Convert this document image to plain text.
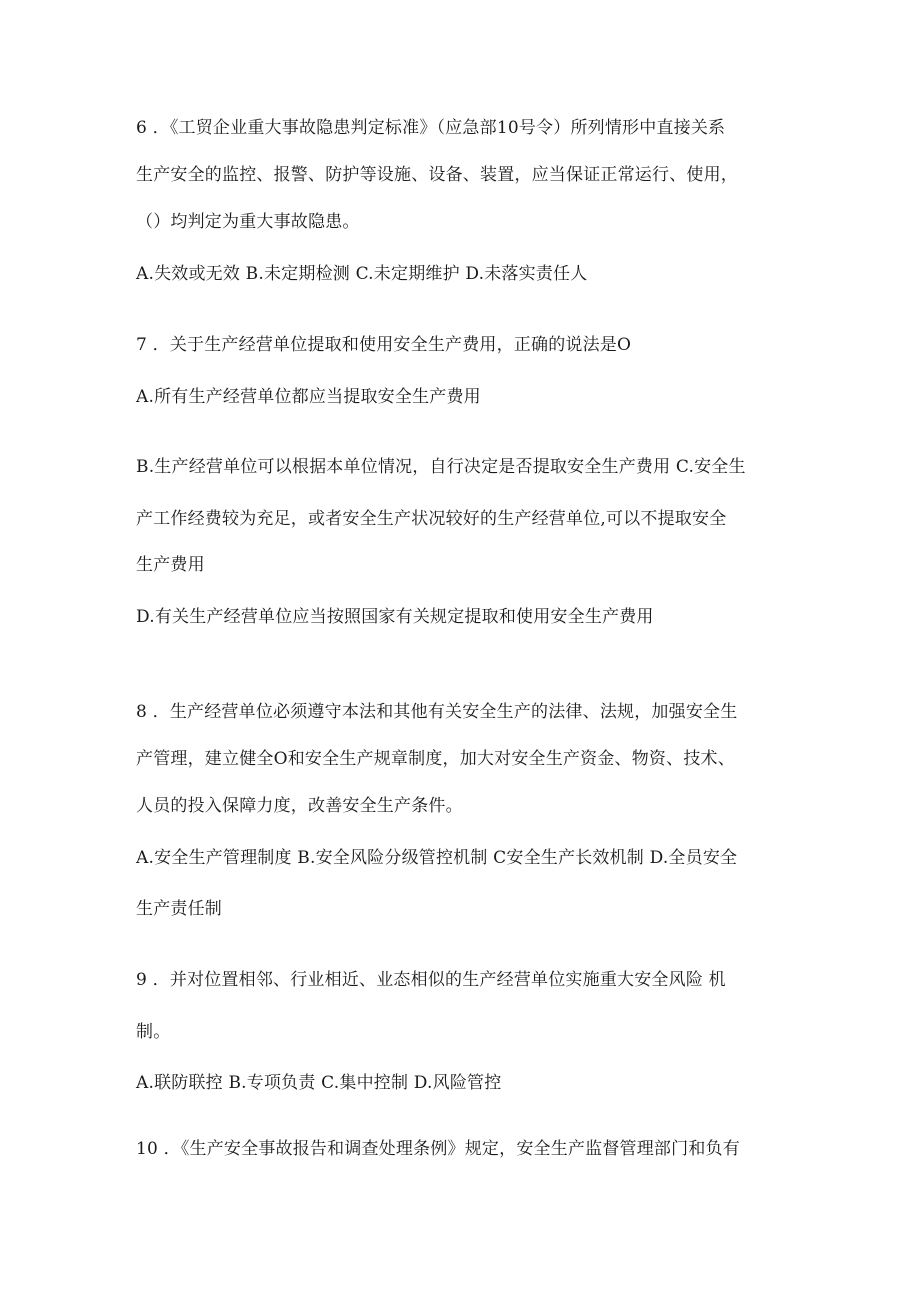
6 ．《工贸企业重大事故隐患判定标准》（应急部10号令）所列情形中直接关系
生产安全的监控、报警、防护等设施、设备、装置，应当保证正常运行、使用，
（）均判定为重大事故隐患。
A.失效或无效 B.未定期检测 C.未定期维护 D.未落实责任人
7 ．关于生产经营单位提取和使用安全生产费用，正确的说法是O
A.所有生产经营单位都应当提取安全生产费用
B.生产经营单位可以根据本单位情况，自行决定是否提取安全生产费用 C.安全生
产工作经费较为充足，或者安全生产状况较好的生产经营单位,可以不提取安全
生产费用
D.有关生产经营单位应当按照国家有关规定提取和使用安全生产费用
8 ．生产经营单位必须遵守本法和其他有关安全生产的法律、法规，加强安全生
产管理，建立健全O和安全生产规章制度，加大对安全生产资金、物资、技术、
人员的投入保障力度，改善安全生产条件。
A.安全生产管理制度 B.安全风险分级管控机制 C安全生产长效机制 D.全员安全
生产责任制
9 ．并对位置相邻、行业相近、业态相似的生产经营单位实施重大安全风险 机
制。
A.联防联控 B.专项负责 C.集中控制 D.风险管控
10 ．《生产安全事故报告和调查处理条例》规定，安全生产监督管理部门和负有
